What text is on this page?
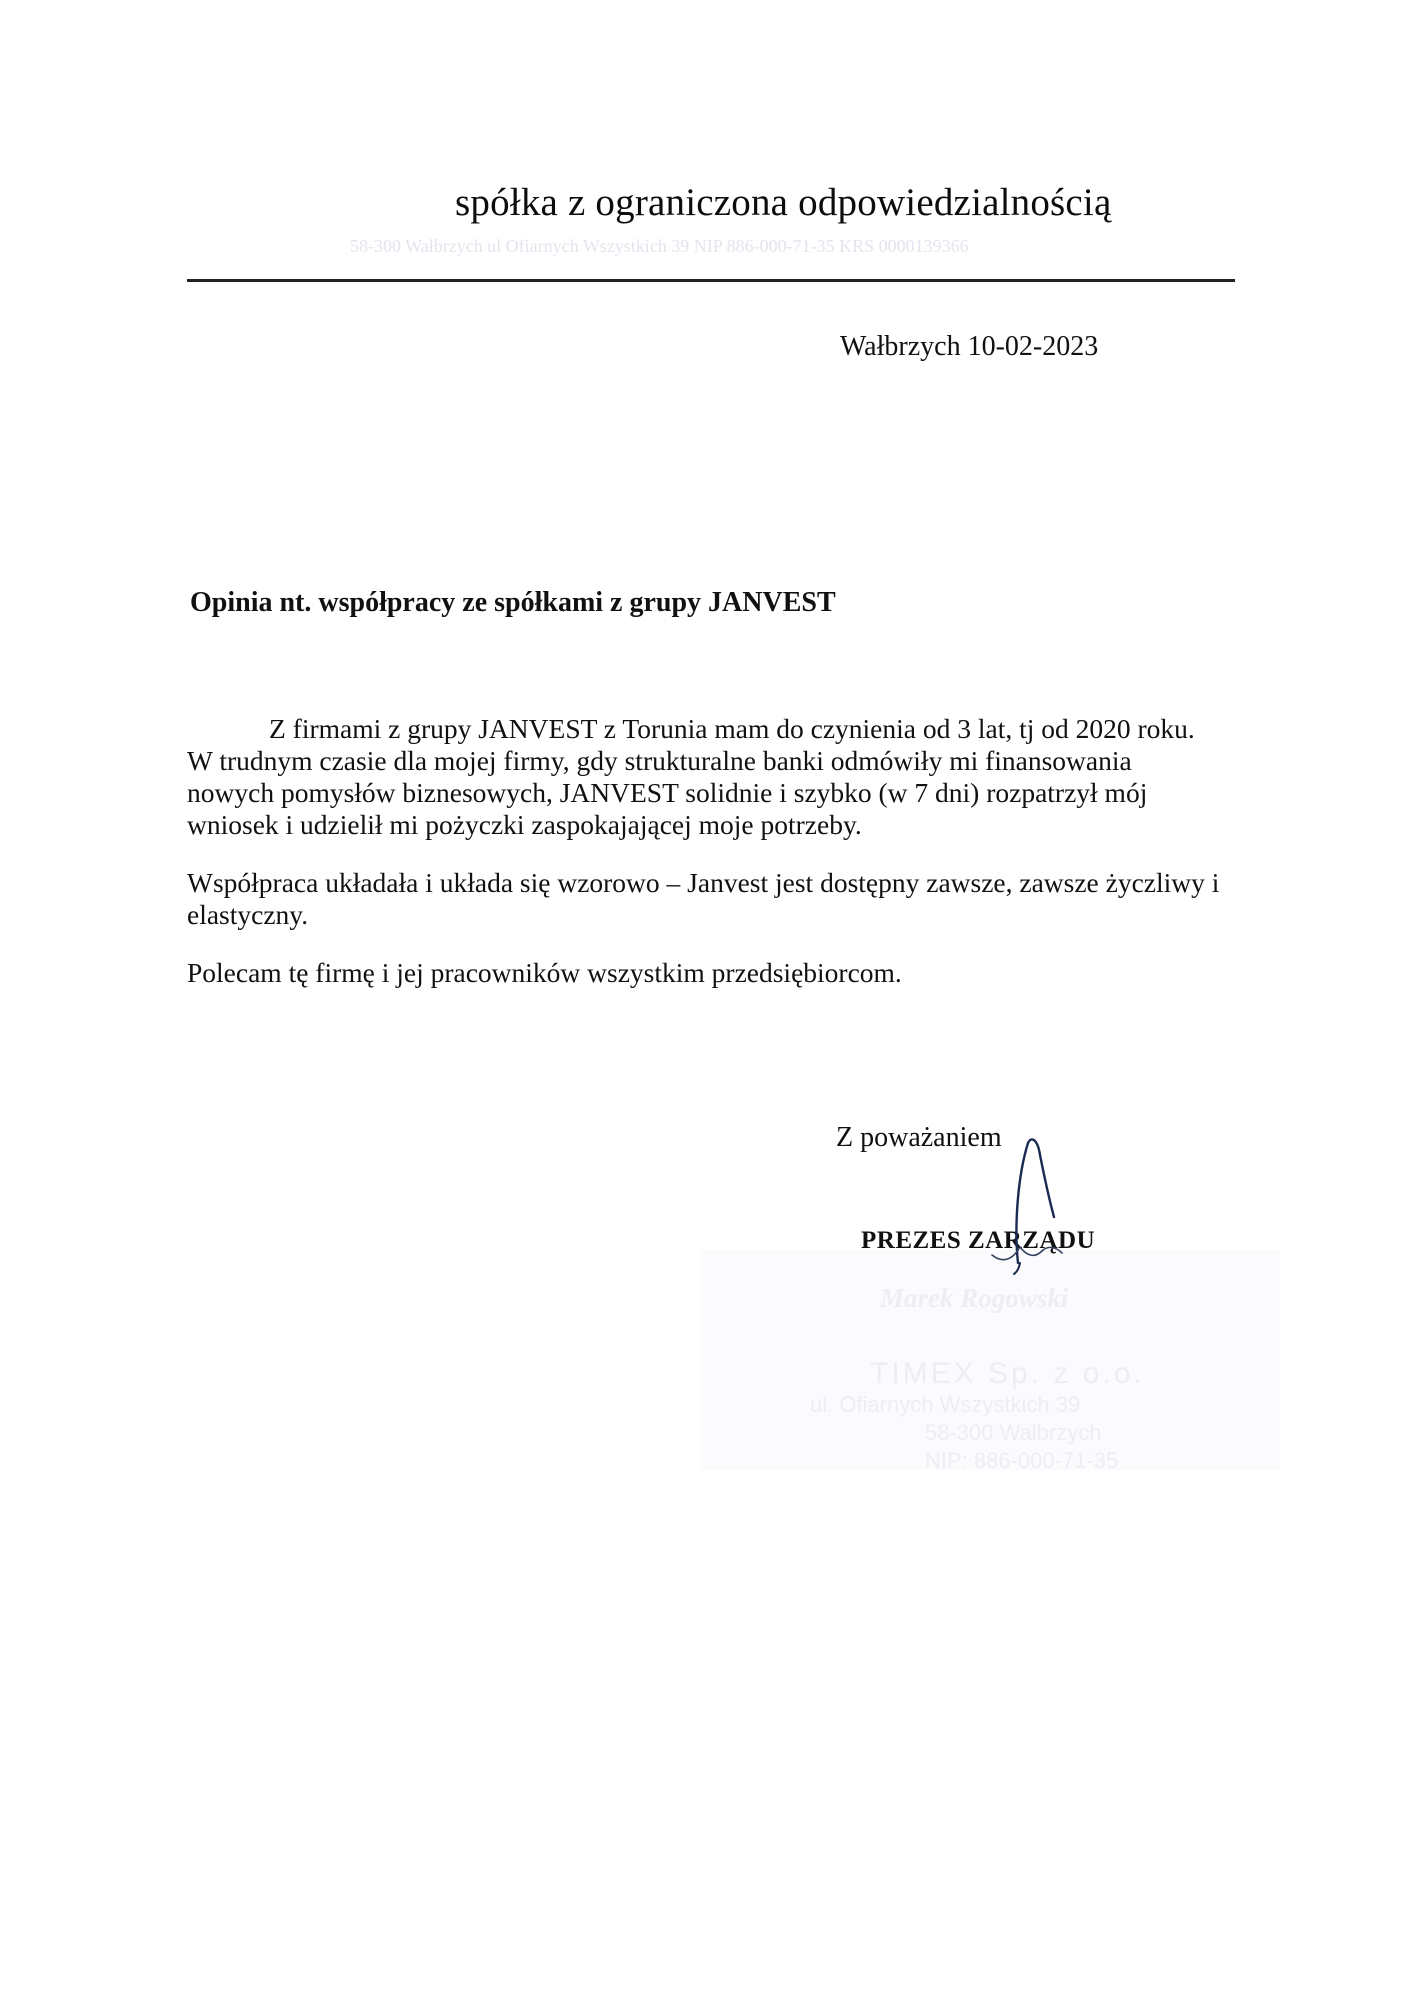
spółka z ograniczona odpowiedzialnością
58-300 Wałbrzych ul Ofiarnych Wszystkich 39 NIP 886-000-71-35 KRS 0000139366
Wałbrzych 10-02-2023
Opinia nt. współpracy ze spółkami z grupy JANVEST

Z firmami z grupy JANVEST z Torunia mam do czynienia od 3 lat, tj od 2020 roku.
W trudnym czasie dla mojej firmy, gdy strukturalne banki odmówiły mi finansowania
nowych pomysłów biznesowych, JANVEST solidnie i szybko (w 7 dni) rozpatrzył mój
wniosek i udzielił mi pożyczki zaspokajającej moje potrzeby.

Współpraca układała i układa się wzorowo – Janvest jest dostępny zawsze, zawsze życzliwy i
elastyczny.

Polecam tę firmę i jej pracowników wszystkim przedsiębiorcom.

Z poważaniem
Marek Rogowski
TIMEX Sp. z o.o.
ul. Ofiarnych Wszystkich 39
58-300 Wałbrzych
NIP: 886-000-71-35
PREZES ZARZĄDU
